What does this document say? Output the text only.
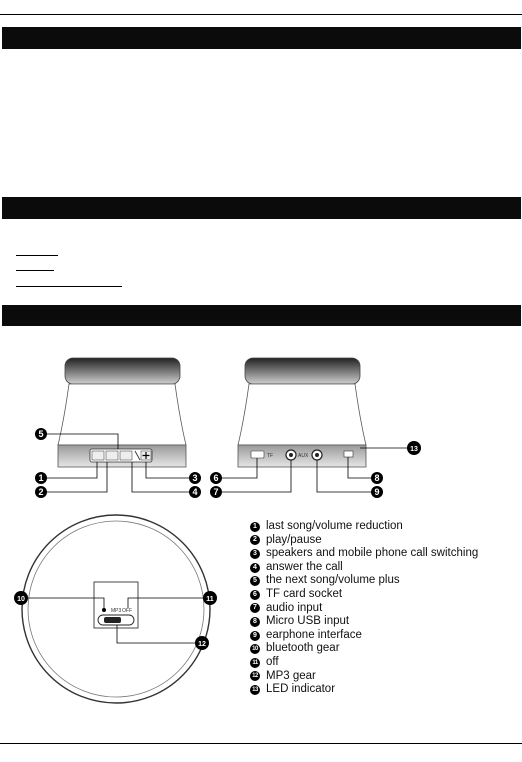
TF	AUX
MP3 OFF
5
1
2
3
4
6
7
8
9
13
10	11
12
1 last song/volume reduction
2 play/pause
3 speakers and mobile phone call switching
4 answer the call
5 the next song/volume plus
6 TF card socket
7 audio input
8 Micro USB input
9 earphone interface
10 bluetooth gear
11 off
12 MP3 gear
13 LED indicator
